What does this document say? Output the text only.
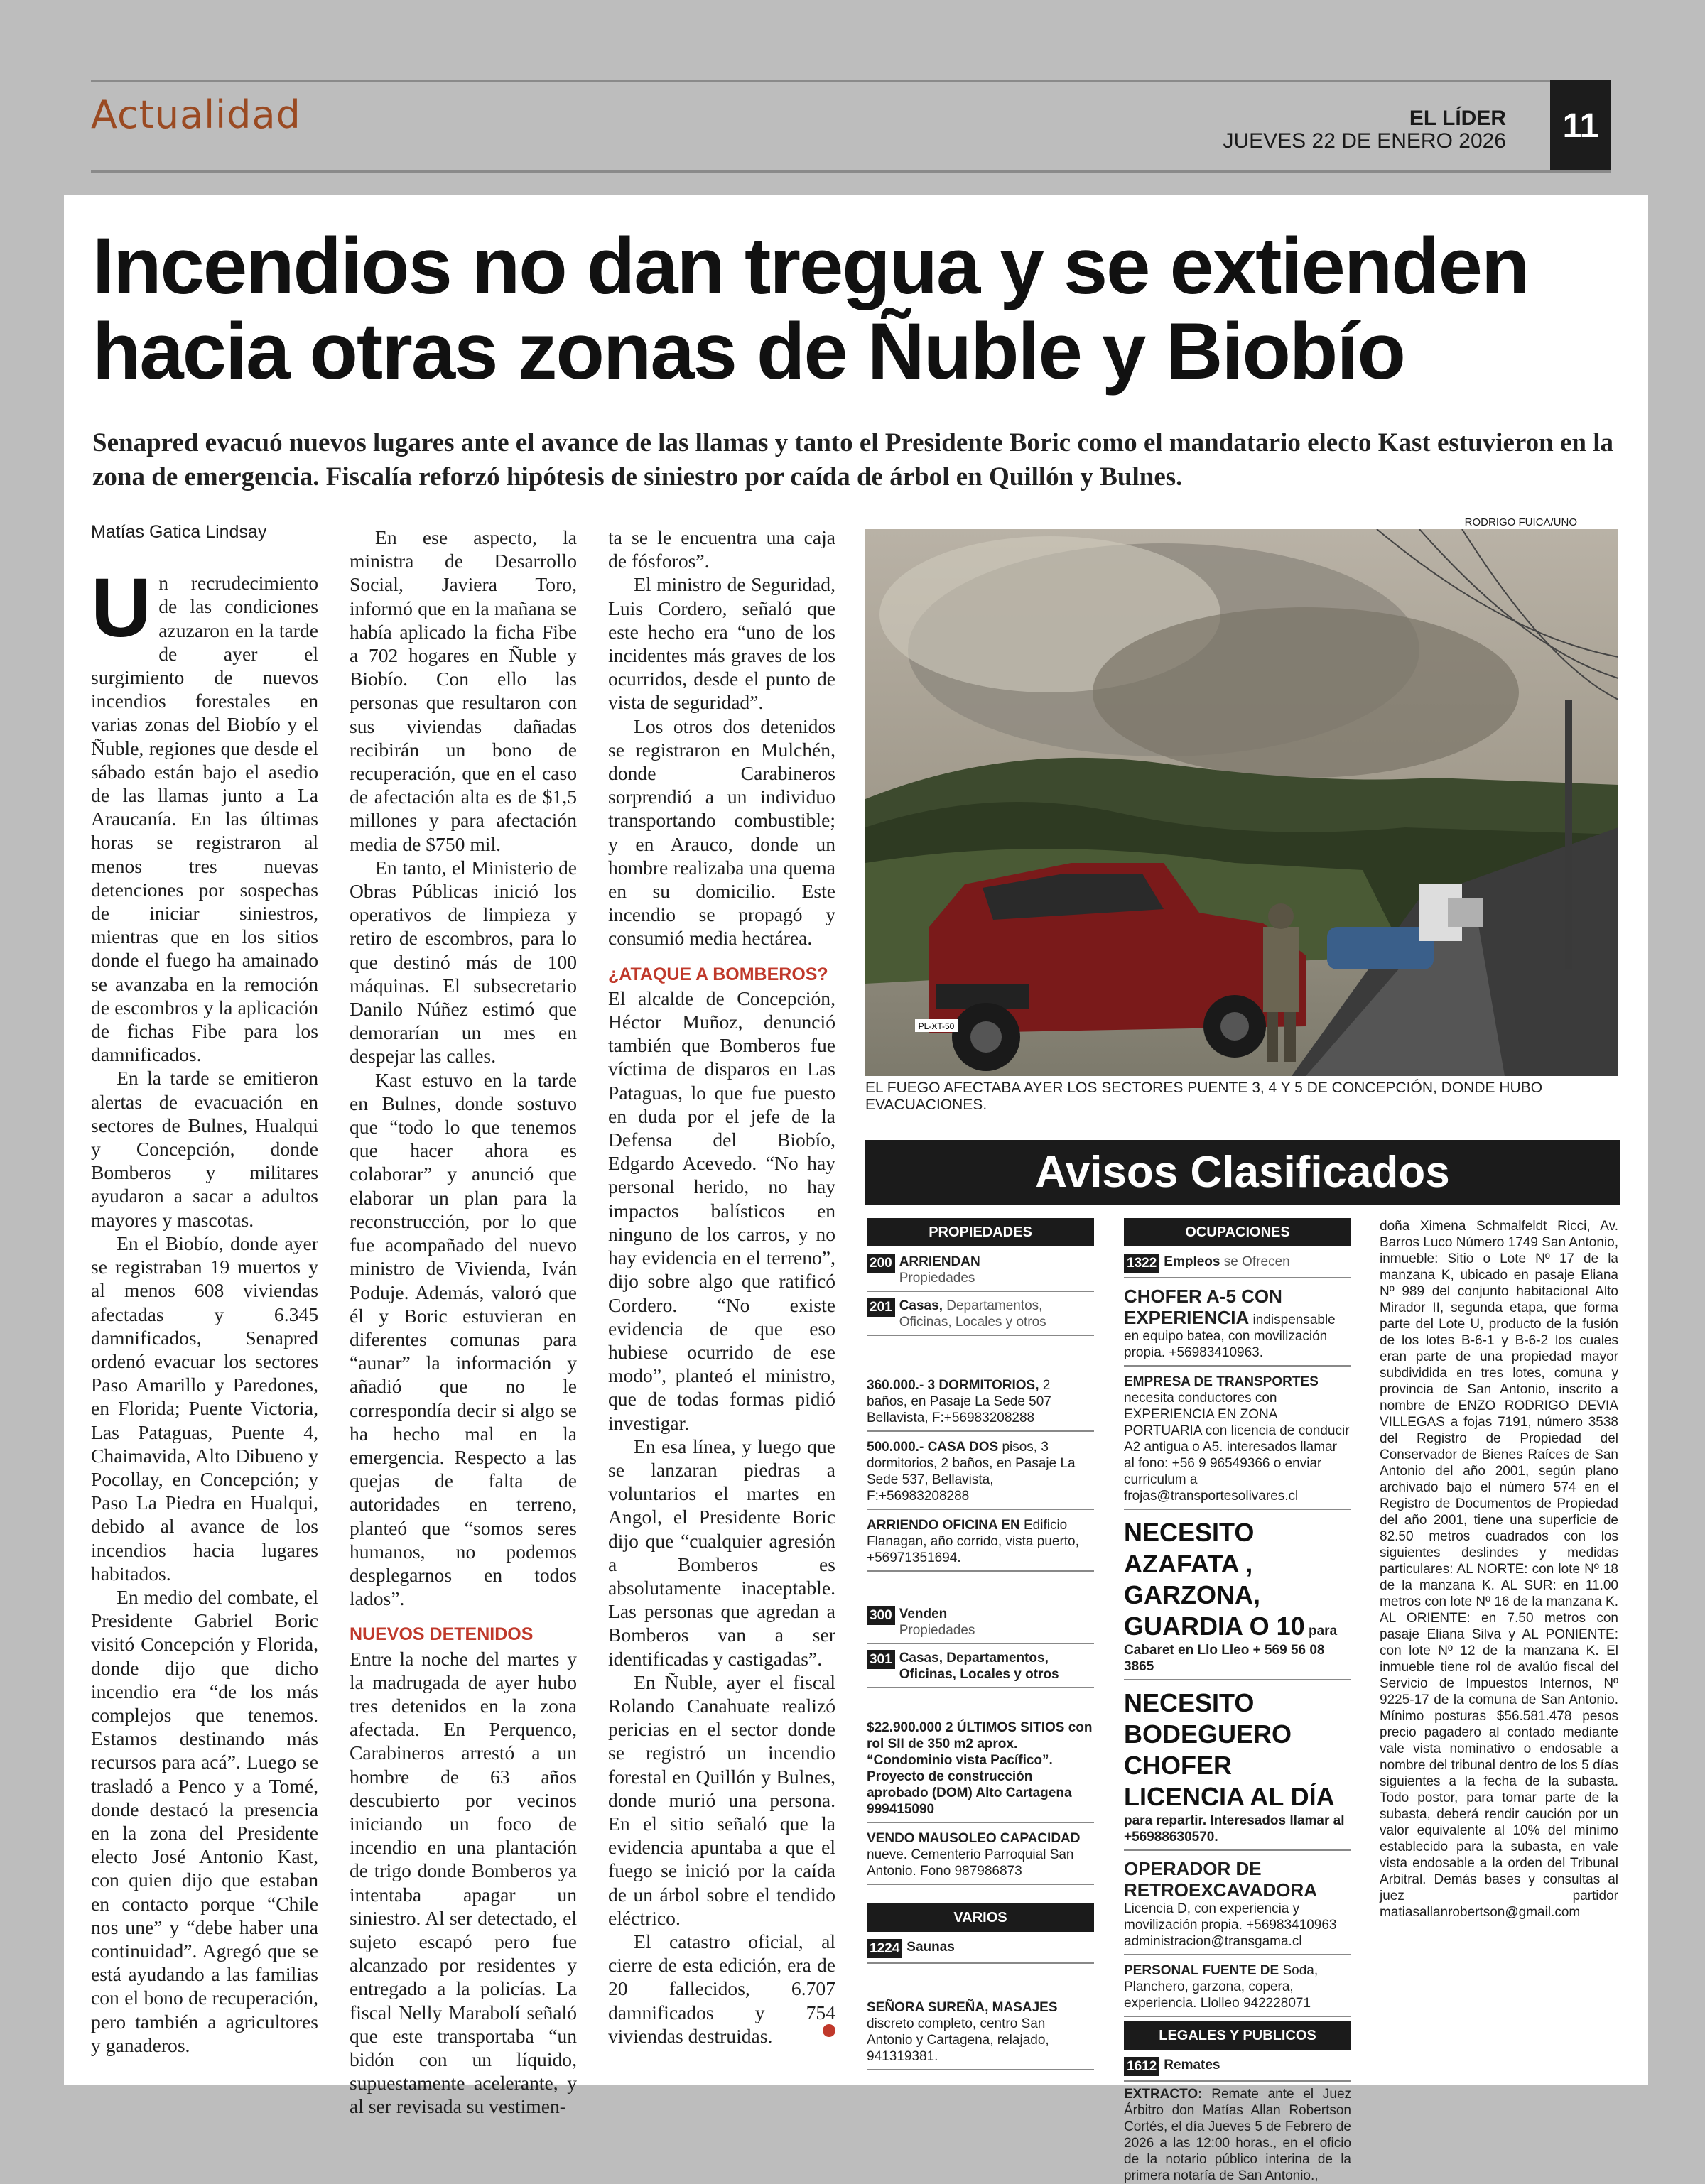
Actualidad	EL LÍDER
JUEVES 22 DE ENERO 2026	11
Incendios no dan tregua y se extienden hacia otras zonas de Ñuble y Biobío
Senapred evacuó nuevos lugares ante el avance de las llamas y tanto el Presidente Boric como el mandatario electo Kast estuvieron en la zona de emergencia. Fiscalía reforzó hipótesis de siniestro por caída de árbol en Quillón y Bulnes.

Matías Gatica Lindsay

Un recrudecimiento de las condiciones azuzaron en la tarde de ayer el surgimiento de nuevos incendios forestales en varias zonas del Biobío y el Ñuble, regiones que desde el sábado están bajo el asedio de las llamas junto a La Araucanía. En las últimas horas se registraron al menos tres nuevas detenciones por sospechas de iniciar siniestros, mientras que en los sitios donde el fuego ha amainado se avanzaba en la remoción de escombros y la aplicación de fichas Fibe para los damnificados.

En la tarde se emitieron alertas de evacuación en sectores de Bulnes, Hualqui y Concepción, donde Bomberos y militares ayudaron a sacar a adultos mayores y mascotas.

En el Biobío, donde ayer se registraban 19 muertos y al menos 608 viviendas afectadas y 6.345 damnificados, Senapred ordenó evacuar los sectores Paso Amarillo y Paredones, en Florida; Puente Victoria, Las Pataguas, Puente 4, Chaimavida, Alto Dibueno y Pocollay, en Concepción; y Paso La Piedra en Hualqui, debido al avance de los incendios hacia lugares habitados.

En medio del combate, el Presidente Gabriel Boric visitó Concepción y Florida, donde dijo que dicho incendio era “de los más complejos que tenemos. Estamos destinando más recursos para acá”. Luego se trasladó a Penco y a Tomé, donde destacó la presencia en la zona del Presidente electo José Antonio Kast, con quien dijo que estaban en contacto porque “Chile nos une” y “debe haber una continuidad”. Agregó que se está ayudando a las familias con el bono de recuperación, pero también a agricultores y ganaderos.

En ese aspecto, la ministra de Desarrollo Social, Javiera Toro, informó que en la mañana se había aplicado la ficha Fibe a 702 hogares en Ñuble y Biobío. Con ello las personas que resultaron con sus viviendas dañadas recibirán un bono de recuperación, que en el caso de afectación alta es de $1,5 millones y para afectación media de $750 mil.

En tanto, el Ministerio de Obras Públicas inició los operativos de limpieza y retiro de escombros, para lo que destinó más de 100 máquinas. El subsecretario Danilo Núñez estimó que demorarían un mes en despejar las calles.

Kast estuvo en la tarde en Bulnes, donde sostuvo que “todo lo que tenemos que hacer ahora es colaborar” y anunció que elaborar un plan para la reconstrucción, por lo que fue acompañado del nuevo ministro de Vivienda, Iván Poduje. Además, valoró que él y Boric estuvieran en diferentes comunas para “aunar” la información y añadió que no le correspondía decir si algo se ha hecho mal en la emergencia. Respecto a las quejas de falta de autoridades en terreno, planteó que “somos seres humanos, no podemos desplegarnos en todos lados”.

NUEVOS DETENIDOS

Entre la noche del martes y la madrugada de ayer hubo tres detenidos en la zona afectada. En Perquenco, Carabineros arrestó a un hombre de 63 años descubierto por vecinos iniciando un foco de incendio en una plantación de trigo donde Bomberos ya intentaba apagar un siniestro. Al ser detectado, el sujeto escapó pero fue alcanzado por residentes y entregado a la policías. La fiscal Nelly Marabolí señaló que este transportaba “un bidón con un líquido, supuestamente acelerante, y al ser revisada su vestimen-

ta se le encuentra una caja de fósforos”.

El ministro de Seguridad, Luis Cordero, señaló que este hecho era “uno de los incidentes más graves de los ocurridos, desde el punto de vista de seguridad”.

Los otros dos detenidos se registraron en Mulchén, donde Carabineros sorprendió a un individuo transportando combustible; y en Arauco, donde un hombre realizaba una quema en su domicilio. Este incendio se propagó y consumió media hectárea.

¿ATAQUE A BOMBEROS?

El alcalde de Concepción, Héctor Muñoz, denunció también que Bomberos fue víctima de disparos en Las Pataguas, lo que fue puesto en duda por el jefe de la Defensa del Biobío, Edgardo Acevedo. “No hay personal herido, no hay impactos balísticos en ninguno de los carros, y no hay evidencia en el terreno”, dijo sobre algo que ratificó Cordero. “No existe evidencia de que eso hubiese ocurrido de ese modo”, planteó el ministro, que de todas formas pidió investigar.

En esa línea, y luego que se lanzaran piedras a voluntarios el martes en Angol, el Presidente Boric dijo que “cualquier agresión a Bomberos es absolutamente inaceptable. Las personas que agredan a Bomberos van a ser identificadas y castigadas”.

En Ñuble, ayer el fiscal Rolando Canahuate realizó pericias en el sector donde se registró un incendio forestal en Quillón y Bulnes, donde murió una persona. En el sitio señaló que la evidencia apuntaba a que el fuego se inició por la caída de un árbol sobre el tendido eléctrico.

El catastro oficial, al cierre de esta edición, era de 20 fallecidos, 6.707 damnificados y 754 viviendas destruidas.

RODRIGO FUICA/UNO
PL-XT-50
EL FUEGO AFECTABA AYER LOS SECTORES PUENTE 3, 4 Y 5 DE CONCEPCIÓN, DONDE HUBO EVACUACIONES.
Avisos Clasificados
PROPIEDADES
200 ARRIENDAN
Propiedades
201 Casas, Departamentos, Oficinas, Locales y otros
360.000.- 3 DORMITORIOS, 2 baños, en Pasaje La Sede 507 Bellavista, F:+56983208288
500.000.- CASA DOS pisos, 3 dormitorios, 2 baños, en Pasaje La Sede 537, Bellavista, F:+56983208288
ARRIENDO OFICINA EN Edificio Flanagan, año corrido, vista puerto, +56971351694.
300 Venden
Propiedades
301 Casas, Departamentos, Oficinas, Locales y otros
$22.900.000 2 ÚLTIMOS SITIOS con rol SII de 350 m2 aprox. “Condominio vista Pacífico”. Proyecto de construcción aprobado (DOM) Alto Cartagena 999415090
VENDO MAUSOLEO CAPACIDAD nueve. Cementerio Parroquial San Antonio. Fono 987986873
VARIOS
1224 Saunas
SEÑORA SUREÑA, MASAJES discreto completo, centro San Antonio y Cartagena, relajado, 941319381.
OCUPACIONES
1322 Empleos se Ofrecen
CHOFER A-5 CON EXPERIENCIA indispensable en equipo batea, con movilización propia. +56983410963.
EMPRESA DE TRANSPORTES necesita conductores con EXPERIENCIA EN ZONA PORTUARIA con licencia de conducir A2 antigua o A5. interesados llamar al fono: +56 9 96549366 o enviar curriculum a frojas@transportesolivares.cl
NECESITO AZAFATA , GARZONA, GUARDIA O 10 para Cabaret en Llo Lleo + 569 56 08 3865
NECESITO BODEGUERO CHOFER LICENCIA AL DÍA para repartir. Interesados llamar al +56988630570.
OPERADOR DE RETROEXCAVADORA Licencia D, con experiencia y movilización propia. +56983410963 administracion@transgama.cl
PERSONAL FUENTE DE Soda, Planchero, garzona, copera, experiencia. Llolleo 942228071
LEGALES Y PUBLICOS
1612 Remates
EXTRACTO: Remate ante el Juez Árbitro don Matías Allan Robertson Cortés, el día Jueves 5 de Febrero de 2026 a las 12:00 horas., en el oficio de la notario público interina de la primera notaría de San Antonio.,
doña Ximena Schmalfeldt Ricci, Av. Barros Luco Número 1749 San Antonio, inmueble: Sitio o Lote Nº 17 de la manzana K, ubicado en pasaje Eliana Nº 989 del conjunto habitacional Alto Mirador II, segunda etapa, que forma parte del Lote U, producto de la fusión de los lotes B-6-1 y B-6-2 los cuales eran parte de una propiedad mayor subdividida en tres lotes, comuna y provincia de San Antonio, inscrito a nombre de ENZO RODRIGO DEVIA VILLEGAS a fojas 7191, número 3538 del Registro de Propiedad del Conservador de Bienes Raíces de San Antonio del año 2001, según plano archivado bajo el número 574 en el Registro de Documentos de Propiedad del año 2001, tiene una superficie de 82.50 metros cuadrados con los siguientes deslindes y medidas particulares: AL NORTE: con lote Nº 18 de la manzana K. AL SUR: en 11.00 metros con lote Nº 16 de la manzana K. AL ORIENTE: en 7.50 metros con pasaje Eliana Silva y AL PONIENTE: con lote Nº 12 de la manzana K. El inmueble tiene rol de avalúo fiscal del Servicio de Impuestos Internos, Nº 9225-17 de la comuna de San Antonio. Mínimo posturas $56.581.478 pesos precio pagadero al contado mediante vale vista nominativo o endosable a nombre del tribunal dentro de los 5 días siguientes a la fecha de la subasta. Todo postor, para tomar parte de la subasta, deberá rendir caución por un valor equivalente al 10% del mínimo establecido para la subasta, en vale vista endosable a la orden del Tribunal Arbitral. Demás bases y consultas al juez partidor matiasallanrobertson@gmail.com
